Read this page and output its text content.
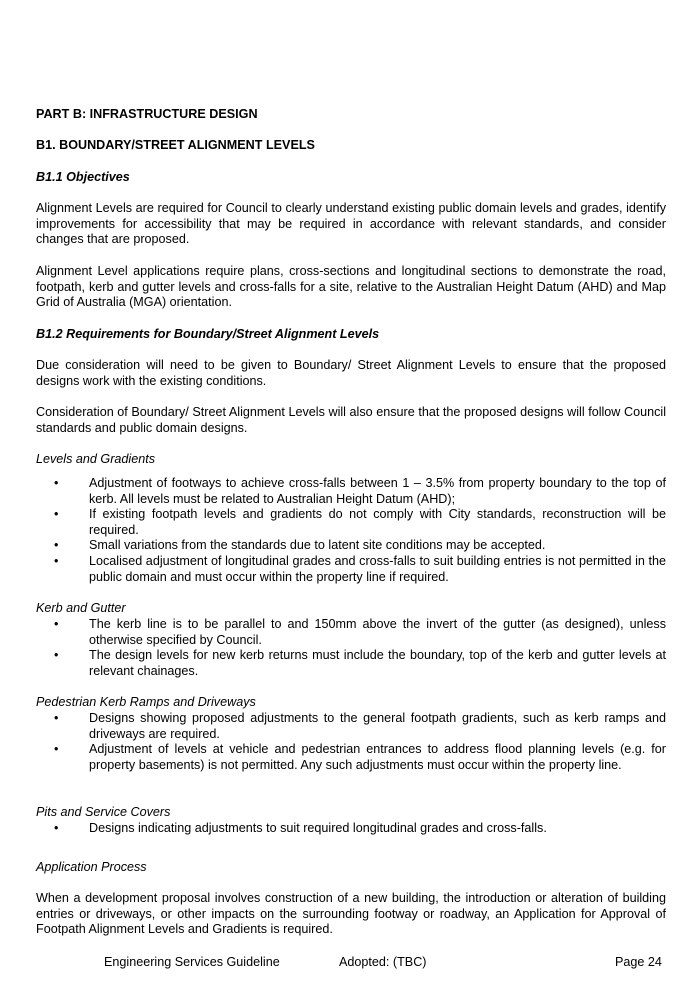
PART B: INFRASTRUCTURE DESIGN
B1. BOUNDARY/STREET ALIGNMENT LEVELS
B1.1 Objectives
Alignment Levels are required for Council to clearly understand existing public domain levels and grades, identify improvements for accessibility that may be required in accordance with relevant standards, and consider changes that are proposed.
Alignment Level applications require plans, cross-sections and longitudinal sections to demonstrate the road, footpath, kerb and gutter levels and cross-falls for a site, relative to the Australian Height Datum (AHD) and Map Grid of Australia (MGA) orientation.
B1.2 Requirements for Boundary/Street Alignment Levels
Due consideration will need to be given to Boundary/ Street Alignment Levels to ensure that the proposed designs work with the existing conditions.
Consideration of Boundary/ Street Alignment Levels will also ensure that the proposed designs will follow Council standards and public domain designs.
Levels and Gradients
• Adjustment of footways to achieve cross-falls between 1 – 3.5% from property boundary to the top of kerb. All levels must be related to Australian Height Datum (AHD);
• If existing footpath levels and gradients do not comply with City standards, reconstruction will be required.
• Small variations from the standards due to latent site conditions may be accepted.
• Localised adjustment of longitudinal grades and cross-falls to suit building entries is not permitted in the public domain and must occur within the property line if required.
Kerb and Gutter
• The kerb line is to be parallel to and 150mm above the invert of the gutter (as designed), unless otherwise specified by Council.
• The design levels for new kerb returns must include the boundary, top of the kerb and gutter levels at relevant chainages.
Pedestrian Kerb Ramps and Driveways
• Designs showing proposed adjustments to the general footpath gradients, such as kerb ramps and driveways are required.
• Adjustment of levels at vehicle and pedestrian entrances to address flood planning levels (e.g. for property basements) is not permitted. Any such adjustments must occur within the property line.
Pits and Service Covers
• Designs indicating adjustments to suit required longitudinal grades and cross-falls.
Application Process
When a development proposal involves construction of a new building, the introduction or alteration of building entries or driveways, or other impacts on the surrounding footway or roadway, an Application for Approval of Footpath Alignment Levels and Gradients is required.
Engineering Services Guideline	Adopted: (TBC)	Page 24
